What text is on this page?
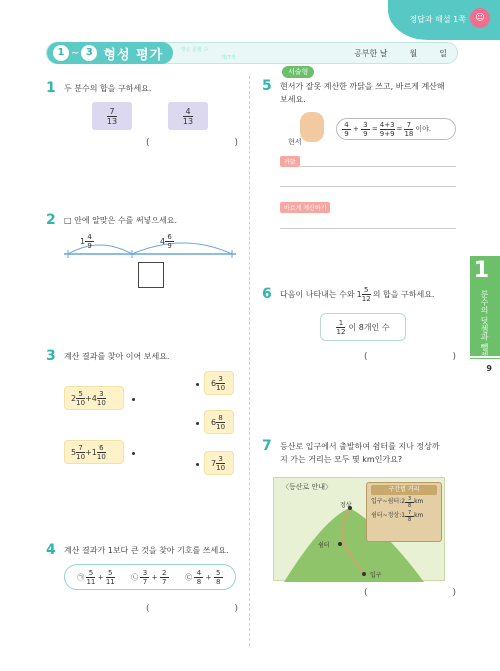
정답과 해설 1쪽	☺
1 ~ 3 형성 평가	맞은 문항 수
개/7개	공부한 날	월	일
1
분수의 덧셈과 뺄셈
9
1 두 분수의 합을 구하세요.
$\frac{7}{13}$	$\frac{4}{13}$
(	)
2 □ 안에 알맞은 수를 써넣으세요.
$1 \frac{4}{9}$	$4 \frac{6}{9}$
3 계산 결과를 찾아 이어 보세요.
$2 \frac{5}{10} + 4 \frac{3}{10}$
$5 \frac{7}{10} + 1 \frac{6}{10}$
$6 \frac{3}{10}$
$6 \frac{8}{10}$
$7 \frac{3}{10}$
4 계산 결과가 1보다 큰 것을 찾아 기호를 쓰세요.
㉠ $\frac{5}{11} + \frac{5}{11}$ ㉡ $\frac{3}{7} + \frac{2}{7}$ ㉢ $\frac{4}{8} + \frac{5}{8}$
(	)
5
서술형
현서가 잘못 계산한 까닭을 쓰고, 바르게 계산해
보세요.
현서
$\frac{4}{9} + \frac{3}{9} = \frac{4+3}{9+9} = \frac{7}{18}$ 이야.
까닭
바르게 계산하기
6 다음이 나타내는 수와 $1 \frac{5}{12}$ 의 합을 구하세요.
$\frac{1}{12}$ 이 8개인 수
(	)
7 등산로 입구에서 출발하여 쉼터를 지나 정상까
지 가는 거리는 모두 몇 km인가요?
〈등산로 안내〉
정상
쉼터
입구
구간별 거리
입구~쉼터: $2 \frac{3}{8}$ km

쉼터~정상: $1 \frac{7}{8}$ km
(	)
